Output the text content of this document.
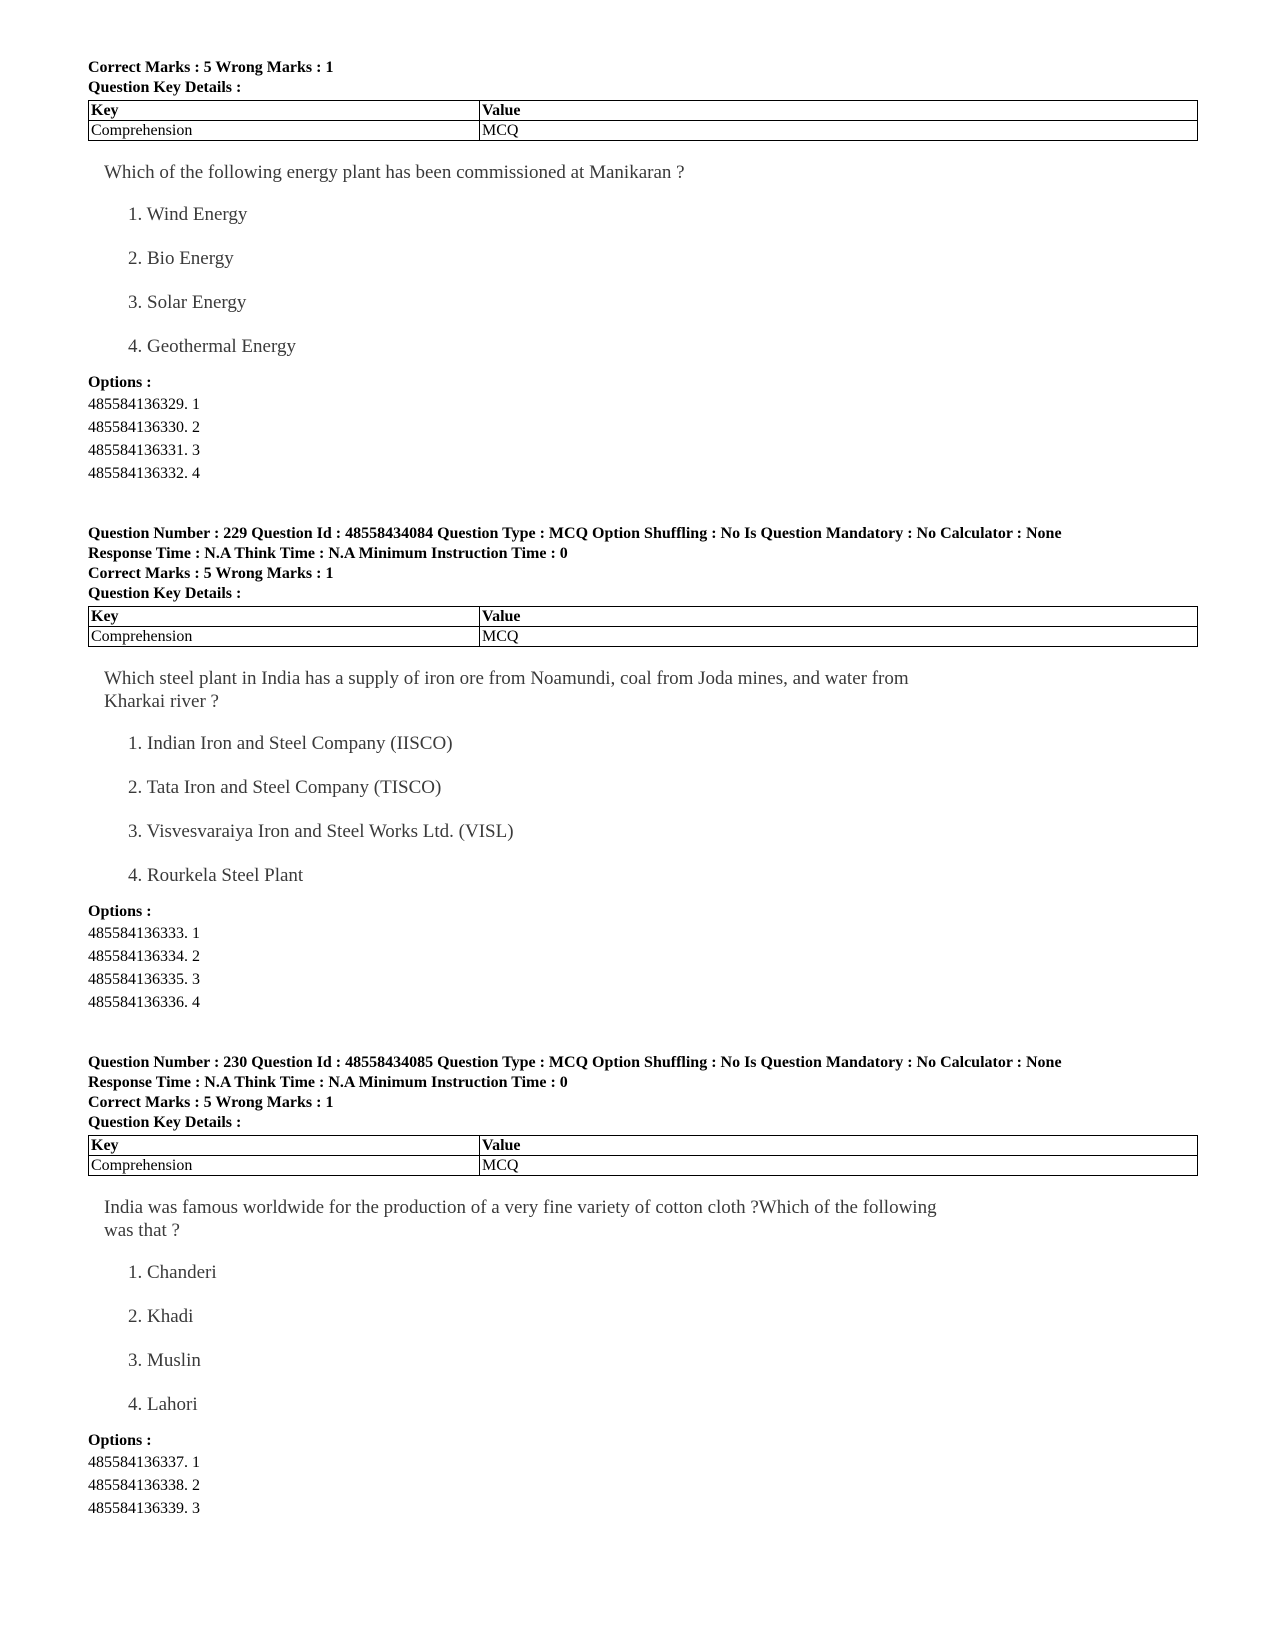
Correct Marks : 5 Wrong Marks : 1
Question Key Details :
Key	Value
Comprehension	MCQ
Which of the following energy plant has been commissioned at Manikaran ?
1. Wind Energy
2. Bio Energy
3. Solar Energy
4. Geothermal Energy
Options :
485584136329. 1
485584136330. 2
485584136331. 3
485584136332. 4
Question Number : 229 Question Id : 48558434084 Question Type : MCQ Option Shuffling : No Is Question Mandatory : No Calculator : None
Response Time : N.A Think Time : N.A Minimum Instruction Time : 0
Correct Marks : 5 Wrong Marks : 1
Question Key Details :
Key	Value
Comprehension	MCQ
Which steel plant in India has a supply of iron ore from Noamundi, coal from Joda mines, and water from Kharkai river ?
1. Indian Iron and Steel Company (IISCO)
2. Tata Iron and Steel Company (TISCO)
3. Visvesvaraiya Iron and Steel Works Ltd. (VISL)
4. Rourkela Steel Plant
Options :
485584136333. 1
485584136334. 2
485584136335. 3
485584136336. 4
Question Number : 230 Question Id : 48558434085 Question Type : MCQ Option Shuffling : No Is Question Mandatory : No Calculator : None
Response Time : N.A Think Time : N.A Minimum Instruction Time : 0
Correct Marks : 5 Wrong Marks : 1
Question Key Details :
Key	Value
Comprehension	MCQ
India was famous worldwide for the production of a very fine variety of cotton cloth ?Which of the following was that ?
1. Chanderi
2. Khadi
3. Muslin
4. Lahori
Options :
485584136337. 1
485584136338. 2
485584136339. 3
